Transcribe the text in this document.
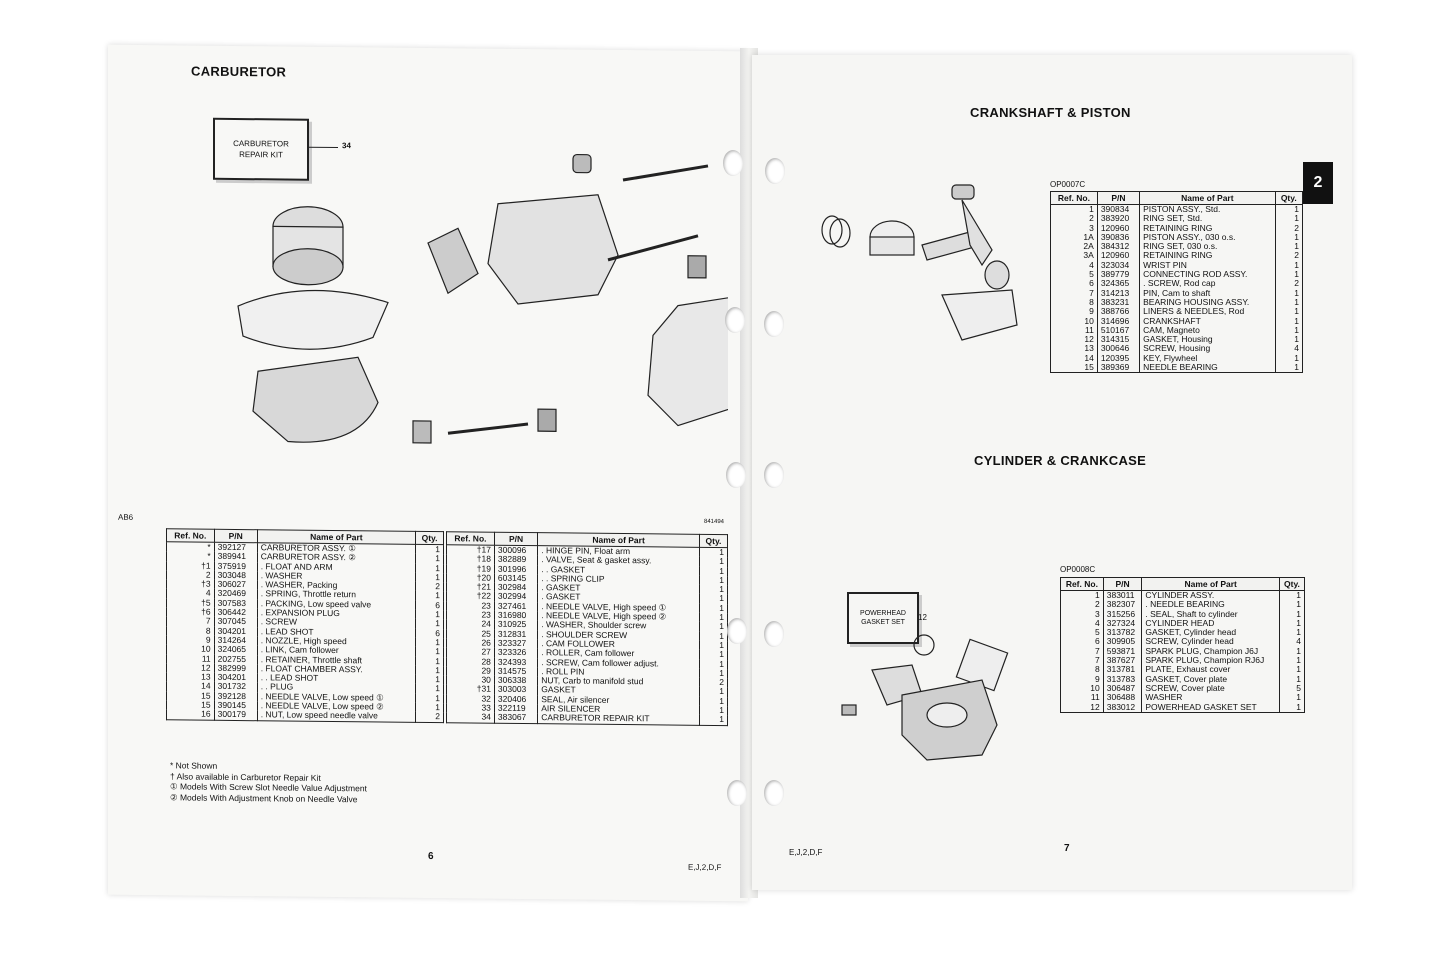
CARBURETOR
CARBURETOR REPAIR KIT
34
AB6
841494
Ref. No.	P/N	Name of Part	Qty.
*	392127	CARBURETOR ASSY. ①	1
*	389941	CARBURETOR ASSY. ②	1
†1	375919	. FLOAT AND ARM	1
2	303048	. WASHER	1
†3	306027	. WASHER, Packing	2
4	320469	. SPRING, Throttle return	1
†5	307583	. PACKING, Low speed valve	6
†6	306442	. EXPANSION PLUG	1
7	307045	. SCREW	1
8	304201	. LEAD SHOT	6
9	314264	. NOZZLE, High speed	1
10	324065	. LINK, Cam follower	1
11	202755	. RETAINER, Throttle shaft	1
12	382999	. FLOAT CHAMBER ASSY.	1
13	304201	. . LEAD SHOT	1
14	301732	. . PLUG	1
15	392128	. NEEDLE VALVE, Low speed ①	1
15	390145	. NEEDLE VALVE, Low speed ②	1
16	300179	. NUT, Low speed needle valve	2
Ref. No.	P/N	Name of Part	Qty.
†17	300096	. HINGE PIN, Float arm	1
†18	382889	. VALVE, Seat & gasket assy.	1
†19	301996	. . GASKET	1
†20	603145	. . SPRING CLIP	1
†21	302984	. GASKET	1
†22	302994	. GASKET	1
23	327461	. NEEDLE VALVE, High speed ①	1
23	316980	. NEEDLE VALVE, High speed ②	1
24	310925	. WASHER, Shoulder screw	1
25	312831	. SHOULDER SCREW	1
26	323327	. CAM FOLLOWER	1
27	323326	. ROLLER, Cam follower	1
28	324393	. SCREW, Cam follower adjust.	1
29	314575	. ROLL PIN	1
30	306338	NUT, Carb to manifold stud	2
†31	303003	GASKET	1
32	320406	SEAL, Air silencer	1
33	322119	AIR SILENCER	1
34	383067	CARBURETOR REPAIR KIT	1
* Not Shown
† Also available in Carburetor Repair Kit
① Models With Screw Slot Needle Value Adjustment
② Models With Adjustment Knob on Needle Valve
6
E,J,2,D,F
CRANKSHAFT & PISTON
OP0007C
Ref. No.	P/N	Name of Part	Qty.
1	390834	PISTON ASSY., Std.	1
2	383920	RING SET, Std.	1
3	120960	RETAINING RING	2
1A	390836	PISTON ASSY., 030 o.s.	1
2A	384312	RING SET, 030 o.s.	1
3A	120960	RETAINING RING	2
4	323034	WRIST PIN	1
5	389779	CONNECTING ROD ASSY.	1
6	324365	. SCREW, Rod cap	2
7	314213	PIN, Cam to shaft	1
8	383231	BEARING HOUSING ASSY.	1
9	388766	LINERS & NEEDLES, Rod	1
10	314696	CRANKSHAFT	1
11	510167	CAM, Magneto	1
12	314315	GASKET, Housing	1
13	300646	SCREW, Housing	4
14	120395	KEY, Flywheel	1
15	389369	NEEDLE BEARING	1
CYLINDER & CRANKCASE
POWERHEAD GASKET SET
12
OP0008C
Ref. No.	P/N	Name of Part	Qty.
1	383011	CYLINDER ASSY.	1
2	382307	. NEEDLE BEARING	1
3	315256	. SEAL, Shaft to cylinder	1
4	327324	CYLINDER HEAD	1
5	313782	GASKET, Cylinder head	1
6	309905	SCREW, Cylinder head	4
7	593871	SPARK PLUG, Champion J6J	1
7	387627	SPARK PLUG, Champion RJ6J	1
8	313781	PLATE, Exhaust cover	1
9	313783	GASKET, Cover plate	1
10	306487	SCREW, Cover plate	5
11	306488	WASHER	1
12	383012	POWERHEAD GASKET SET	1
E,J,2,D,F	7
2
